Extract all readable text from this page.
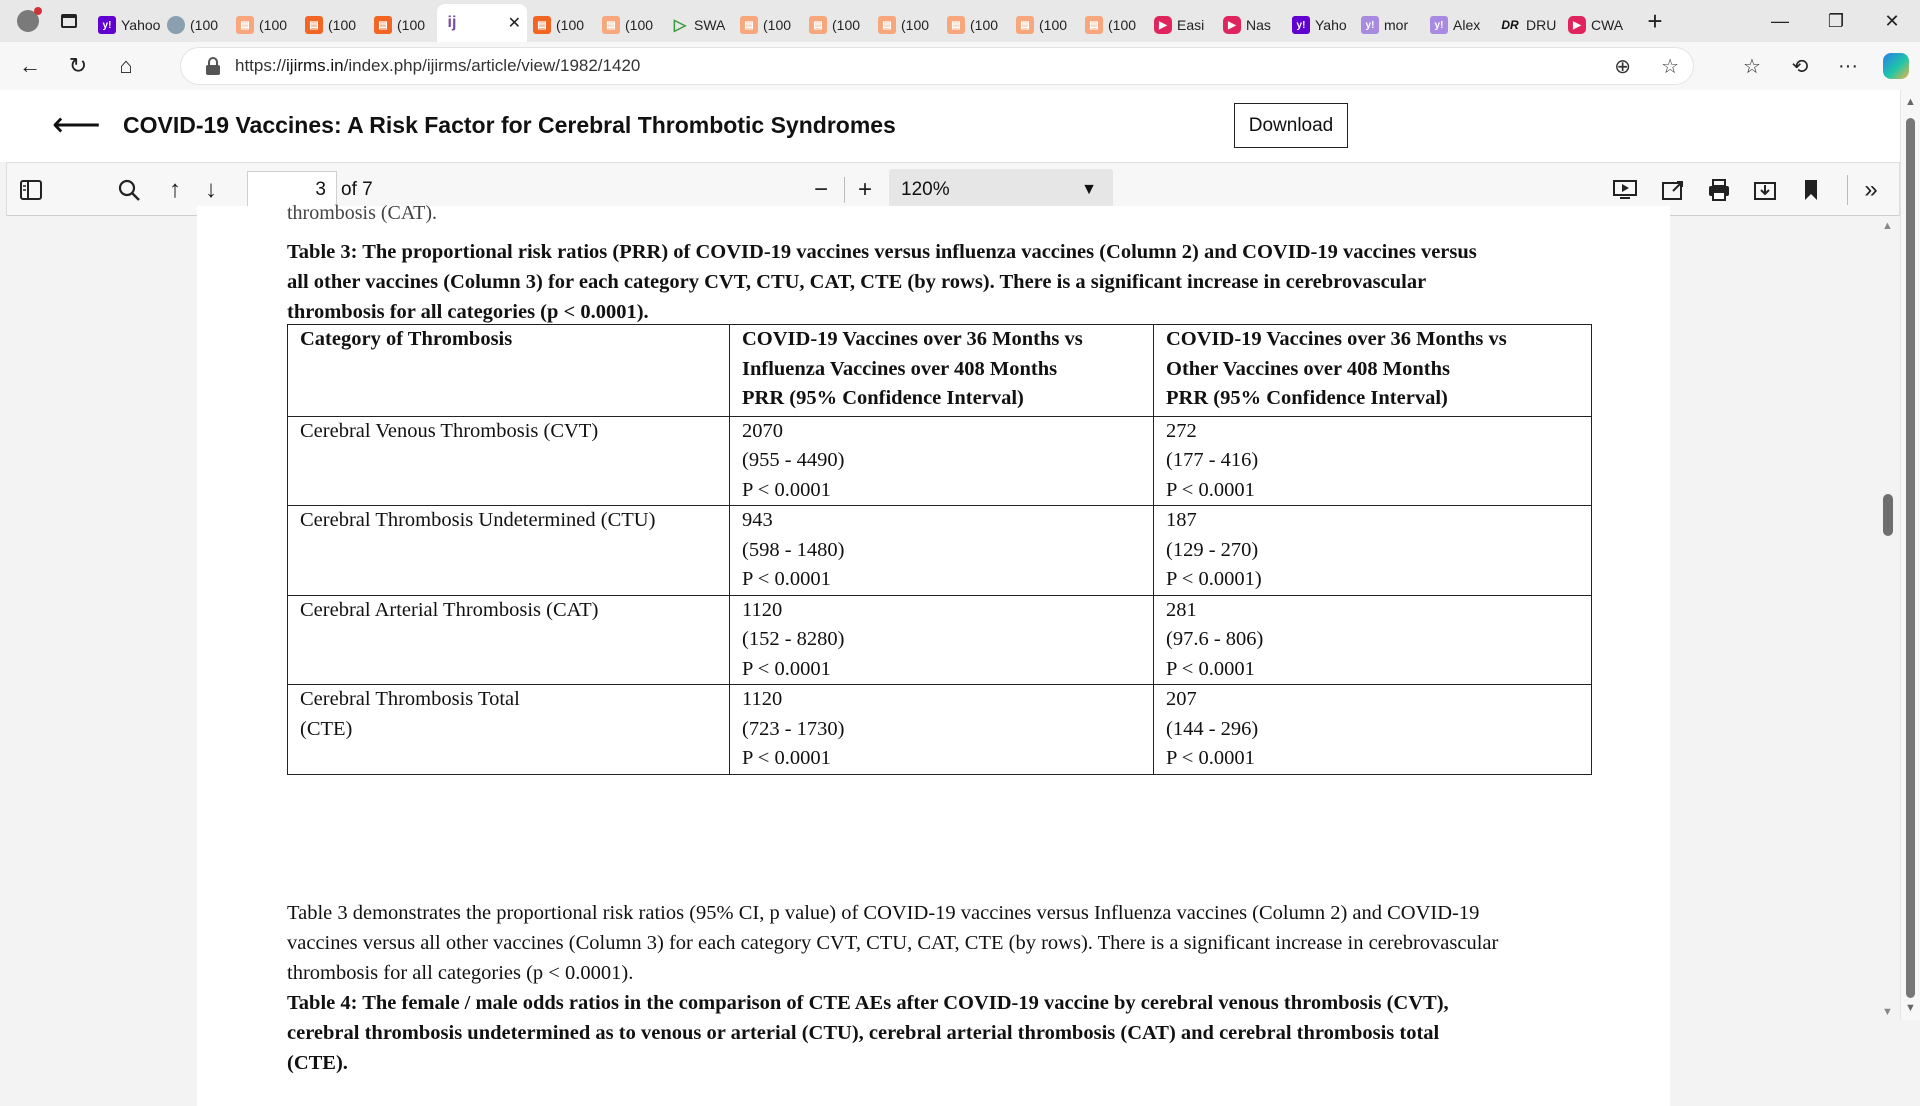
y! Yahoo (100	▤ (100	▤ (100	▤ (100 ij	✕	▤ (100	▤ (100 ▷ SWA	▤ (100	▤ (100	▤ (100	▤ (100	▤ (100	▤ (100	▶ Easi	▶ Nas	y! Yaho	y! mor	y! Alex DR DRU	▶ CWA +	—	❐	✕
←	↻	⌂	https://ijirms.in/index.php/ijirms/article/view/1982/1420	⊕ ☆	☆	⟲	···
⟵ COVID-19 Vaccines: A Risk Factor for Cerebral Thrombotic Syndromes	Download
↑	↓	3 of 7	−	+	120%	▼	»
thrombosis (CAT).
Table 3: The proportional risk ratios (PRR) of COVID-19 vaccines versus influenza vaccines (Column 2) and COVID-19 vaccines versus
all other vaccines (Column 3) for each category CVT, CTU, CAT, CTE (by rows). There is a significant increase in cerebrovascular
thrombosis for all categories (p < 0.0001).
Category of Thrombosis	COVID-19 Vaccines over 36 Months vs
Influenza Vaccines over 408 Months
PRR (95% Confidence Interval)	COVID-19 Vaccines over 36 Months vs
Other Vaccines over 408 Months
PRR (95% Confidence Interval)

Cerebral Venous Thrombosis (CVT)	2070
(955 - 4490)
P < 0.0001	272
(177 - 416)
P < 0.0001

Cerebral Thrombosis Undetermined (CTU)	943
(598 - 1480)
P < 0.0001	187
(129 - 270)
P < 0.0001)

Cerebral Arterial Thrombosis (CAT)	1120
(152 - 8280)
P < 0.0001	281
(97.6 - 806)
P < 0.0001

Cerebral Thrombosis Total
(CTE)	1120
(723 - 1730)
P < 0.0001	207
(144 - 296)
P < 0.0001
Table 3 demonstrates the proportional risk ratios (95% CI, p value) of COVID-19 vaccines versus Influenza vaccines (Column 2) and COVID-19
vaccines versus all other vaccines (Column 3) for each category CVT, CTU, CAT, CTE (by rows). There is a significant increase in cerebrovascular
thrombosis for all categories (p < 0.0001).
Table 4: The female / male odds ratios in the comparison of CTE AEs after COVID-19 vaccine by cerebral venous thrombosis (CVT),
cerebral thrombosis undetermined as to venous or arterial (CTU), cerebral arterial thrombosis (CAT) and cerebral thrombosis total
(CTE).
▲
▼
▲
▼
